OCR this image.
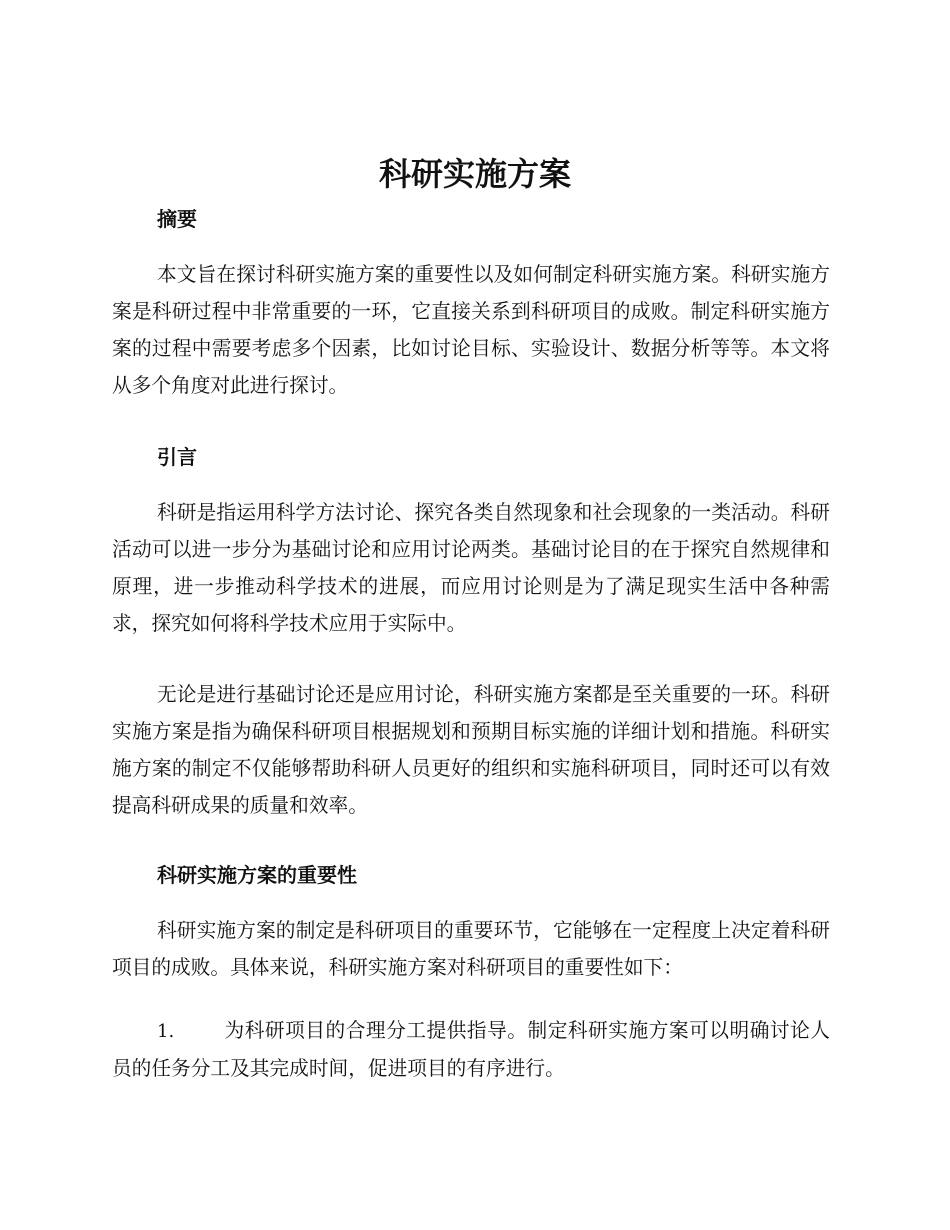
科研实施方案
摘要

本文旨在探讨科研实施方案的重要性以及如何制定科研实施方案。科研实施方案是科研过程中非常重要的一环，它直接关系到科研项目的成败。制定科研实施方案的过程中需要考虑多个因素，比如讨论目标、实验设计、数据分析等等。本文将从多个角度对此进行探讨。

引言

科研是指运用科学方法讨论、探究各类自然现象和社会现象的一类活动。科研活动可以进一步分为基础讨论和应用讨论两类。基础讨论目的在于探究自然规律和原理，进一步推动科学技术的进展，而应用讨论则是为了满足现实生活中各种需求，探究如何将科学技术应用于实际中。

无论是进行基础讨论还是应用讨论，科研实施方案都是至关重要的一环。科研实施方案是指为确保科研项目根据规划和预期目标实施的详细计划和措施。科研实施方案的制定不仅能够帮助科研人员更好的组织和实施科研项目，同时还可以有效提高科研成果的质量和效率。

科研实施方案的重要性

科研实施方案的制定是科研项目的重要环节，它能够在一定程度上决定着科研项目的成败。具体来说，科研实施方案对科研项目的重要性如下：

1.	为科研项目的合理分工提供指导。制定科研实施方案可以明确讨论人员的任务分工及其完成时间，促进项目的有序进行。
